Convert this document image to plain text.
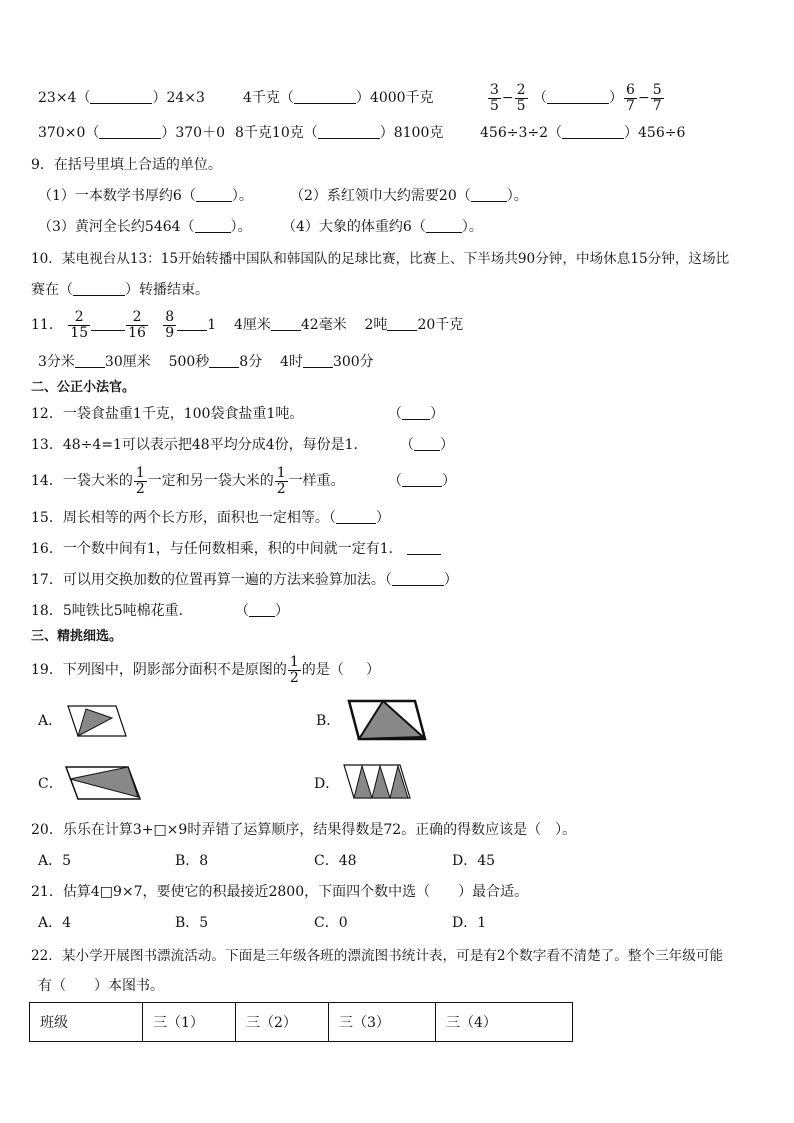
23×4（	）24×3	4千克（	）4000千克	$\frac{3}{5} - \frac{2}{5}$ （	） $\frac{6}{7} - \frac{5}{7}$
370×0（	）370＋0 8千克10克（	）8100克	456÷3÷2（	）456÷6
9．在括号里填上合适的单位。
（1）一本数学书厚约6（	）。	（2）系红领巾大约需要20（	）。
（3）黄河全长约5464（	）。 （4）大象的体重约6（	）。
10．某电视台从13：15开始转播中国队和韩国队的足球比赛，比赛上、下半场共90分钟，中场休息15分钟，这场比
赛在（	）转播结束。
11． $\frac{2}{15}$	$\frac{2}{16}$
$\frac{8}{9} 1$ 4厘米 42毫米 2吨 20千克
3分米 30厘米 500秒 8分 4时 300分
二、公正小法官。
12．一袋食盐重1千克，100袋食盐重1吨。	（ ）
13．48÷4=1可以表示把48平均分成4份，每份是1． （ ）
14．一袋大米的 $\frac{1}{2}$ 一定和另一袋大米的 $\frac{1}{2}$ 一样重。	（	）
15．周长相等的两个长方形，面积也一定相等。（	）
16．一个数中间有1，与任何数相乘，积的中间就一定有1．
17．可以用交换加数的位置再算一遍的方法来验算加法。（	）
18．5吨铁比5吨棉花重．	（ ）
三、精挑细选。
19．下列图中，阴影部分面积不是原图的 $\frac{1}{2}$ 的是（ ）
A．	B．
C．	D．
20．乐乐在计算3+□×9时弄错了运算顺序，结果得数是72。正确的得数应该是（　）。
A．5	B．8	C．48	D．45
21．估算4□9×7，要使它的积最接近2800，下面四个数中选（　　）最合适。
A．4	B．5	C．0	D．1
22．某小学开展图书漂流活动。下面是三年级各班的漂流图书统计表，可是有2个数字看不清楚了。整个三年级可能
有（　　）本图书。
班级	三（1）	三（2）	三（3）	三（4）
